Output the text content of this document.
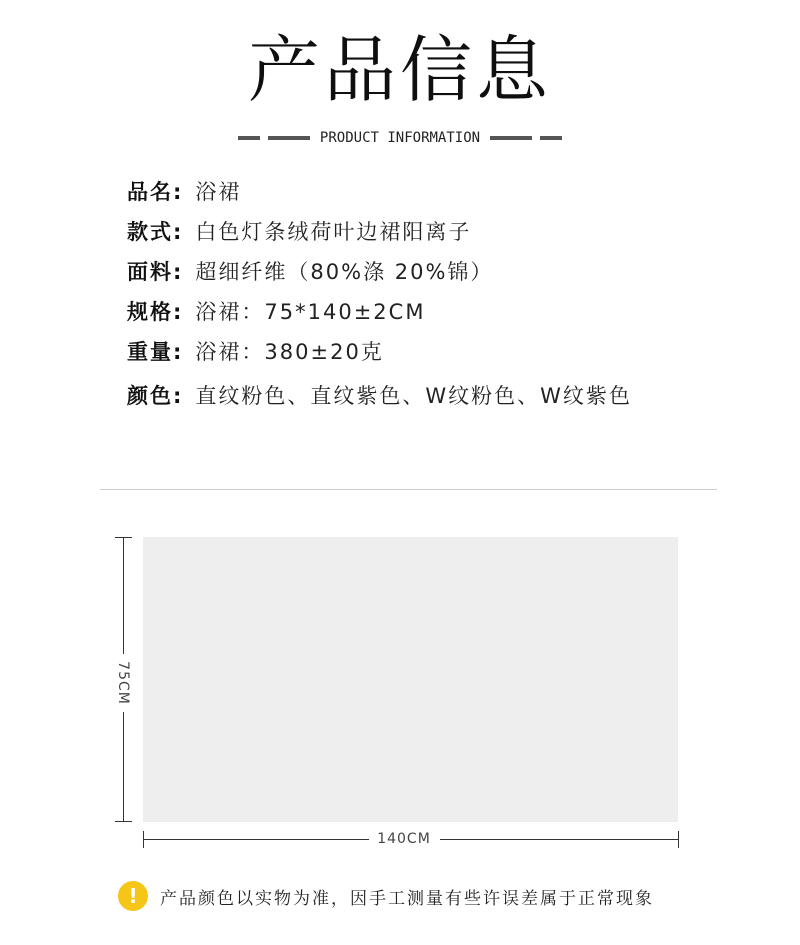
产品信息
PRODUCT INFORMATION
品名 : 浴裙
款式 : 白色灯条绒荷叶边裙阳离子
面料 : 超细纤维（80%涤 20%锦）
规格 : 浴裙：75*140±2CM
重量 : 浴裙：380±20克
颜色 : 直纹粉色、直纹紫色、W纹粉色、W纹紫色
75CM
140CM
!	产品颜色以实物为准，因手工测量有些许误差属于正常现象
